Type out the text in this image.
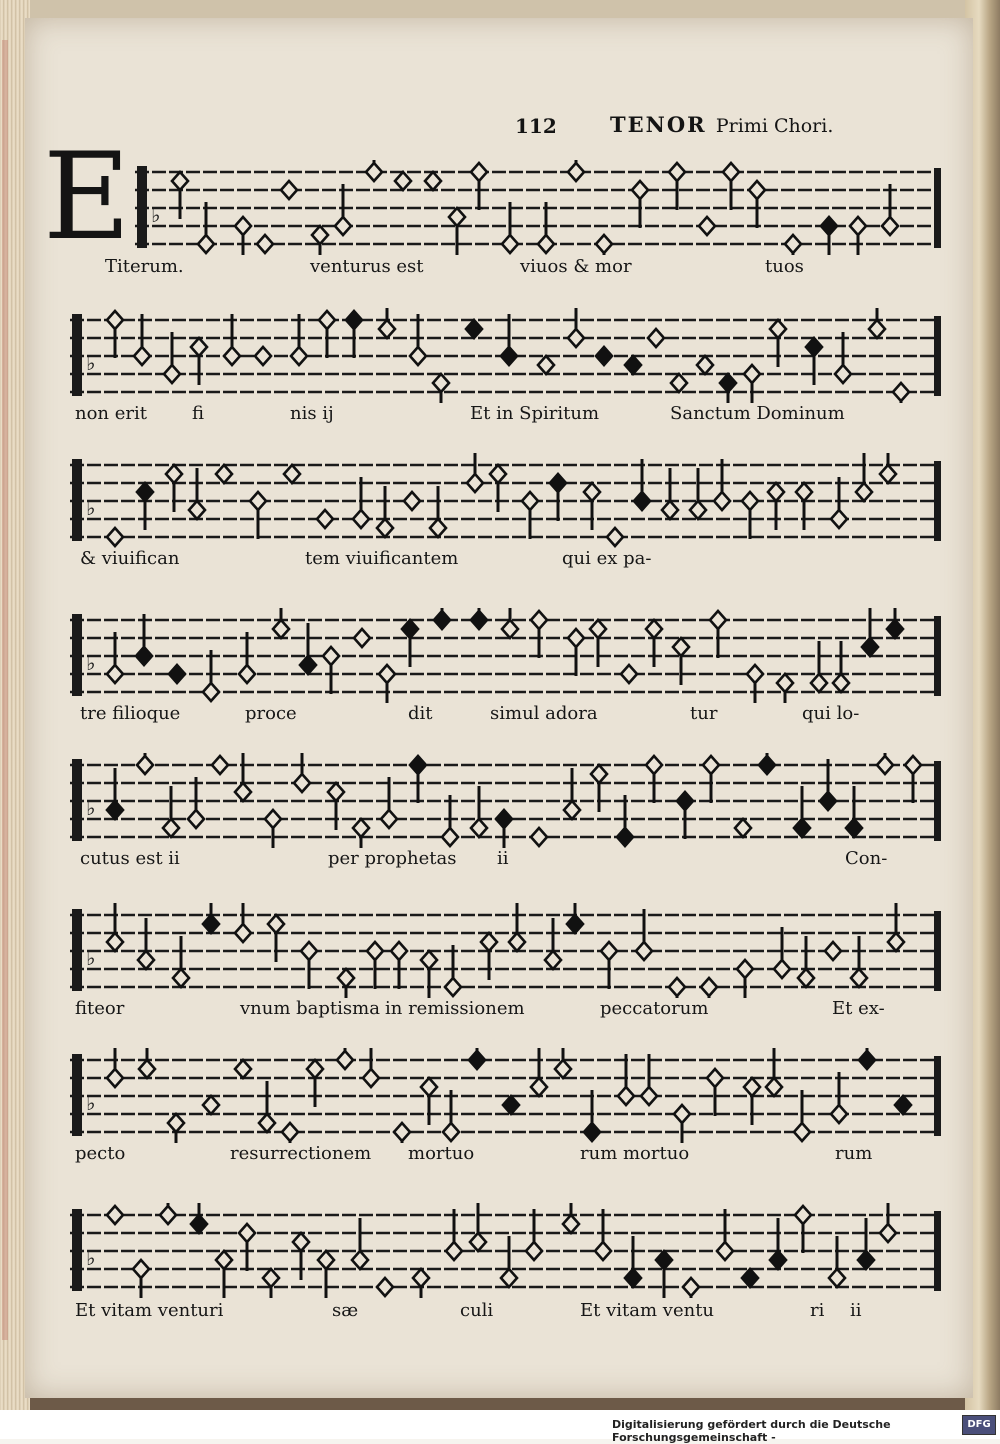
112	TENOR Primi Chori.
E ♭
Titerum.	venturus est	viuos & mor	tuos
♭
non erit	fi	nis ij	Et in Spiritum	Sanctum Dominum
♭
& viuifican	tem viuificantem	qui ex pa-
♭
tre filioque	proce	dit	simul adora	tur	qui lo-
♭
cutus est ii	per prophetas ii	Con-
♭
fiteor	vnum baptisma in remissionem	peccatorum	Et ex-
♭
pecto	resurrectionem mortuo	rum mortuo	rum
♭
Et vitam venturi	sæ	culi	Et vitam ventu	ri ii
Digitalisierung gefördert durch die Deutsche Forschungsgemeinschaft -
DFG
